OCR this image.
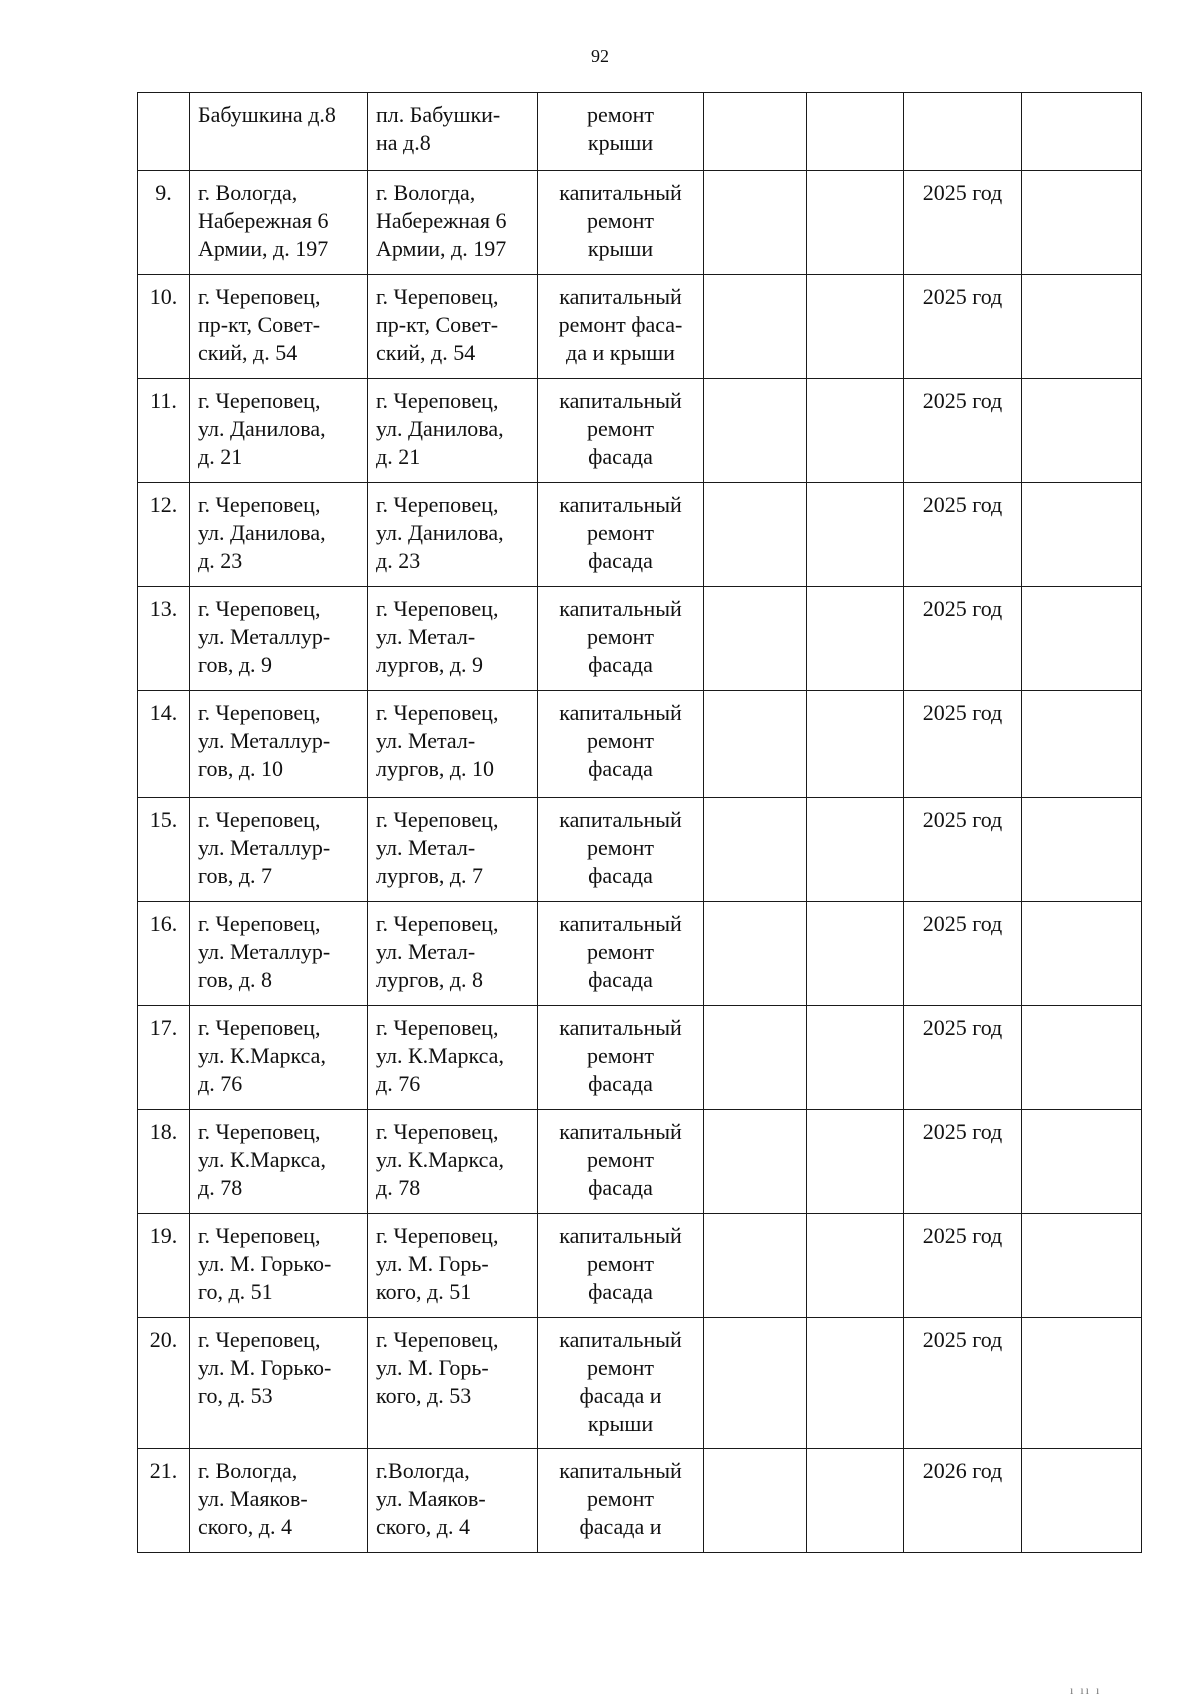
92
	Бабушкина д.8	пл. Бабушки-
на д.8	ремонт
крыши				
9.	г. Вологда,
Набережная 6
Армии, д. 197	г. Вологда,
Набережная 6
Армии, д. 197	капитальный
ремонт
крыши			2025 год	
10.	г. Череповец,
пр-кт, Совет-
ский, д. 54	г. Череповец,
пр-кт, Совет-
ский, д. 54	капитальный
ремонт фаса-
да и крыши			2025 год	
11.	г. Череповец,
ул. Данилова,
д. 21	г. Череповец,
ул. Данилова,
д. 21	капитальный
ремонт
фасада			2025 год	
12.	г. Череповец,
ул. Данилова,
д. 23	г. Череповец,
ул. Данилова,
д. 23	капитальный
ремонт
фасада			2025 год	
13.	г. Череповец,
ул. Металлур-
гов, д. 9	г. Череповец,
ул. Метал-
лургов, д. 9	капитальный
ремонт
фасада			2025 год	
14.	г. Череповец,
ул. Металлур-
гов, д. 10	г. Череповец,
ул. Метал-
лургов, д. 10	капитальный
ремонт
фасада			2025 год	
15.	г. Череповец,
ул. Металлур-
гов, д. 7	г. Череповец,
ул. Метал-
лургов, д. 7	капитальный
ремонт
фасада			2025 год	
16.	г. Череповец,
ул. Металлур-
гов, д. 8	г. Череповец,
ул. Метал-
лургов, д. 8	капитальный
ремонт
фасада			2025 год	
17.	г. Череповец,
ул. К.Маркса,
д. 76	г. Череповец,
ул. К.Маркса,
д. 76	капитальный
ремонт
фасада			2025 год	
18.	г. Череповец,
ул. К.Маркса,
д. 78	г. Череповец,
ул. К.Маркса,
д. 78	капитальный
ремонт
фасада			2025 год	
19.	г. Череповец,
ул. М. Горько-
го, д. 51	г. Череповец,
ул. М. Горь-
кого, д. 51	капитальный
ремонт
фасада			2025 год	
20.	г. Череповец,
ул. М. Горько-
го, д. 53	г. Череповец,
ул. М. Горь-
кого, д. 53	капитальный
ремонт
фасада и
крыши			2025 год	
21.	г. Вологда,
ул. Маяков-
ского, д. 4	г.Вологда,
ул. Маяков-
ского, д. 4	капитальный
ремонт
фасада и			2026 год	
ı ıı ı
